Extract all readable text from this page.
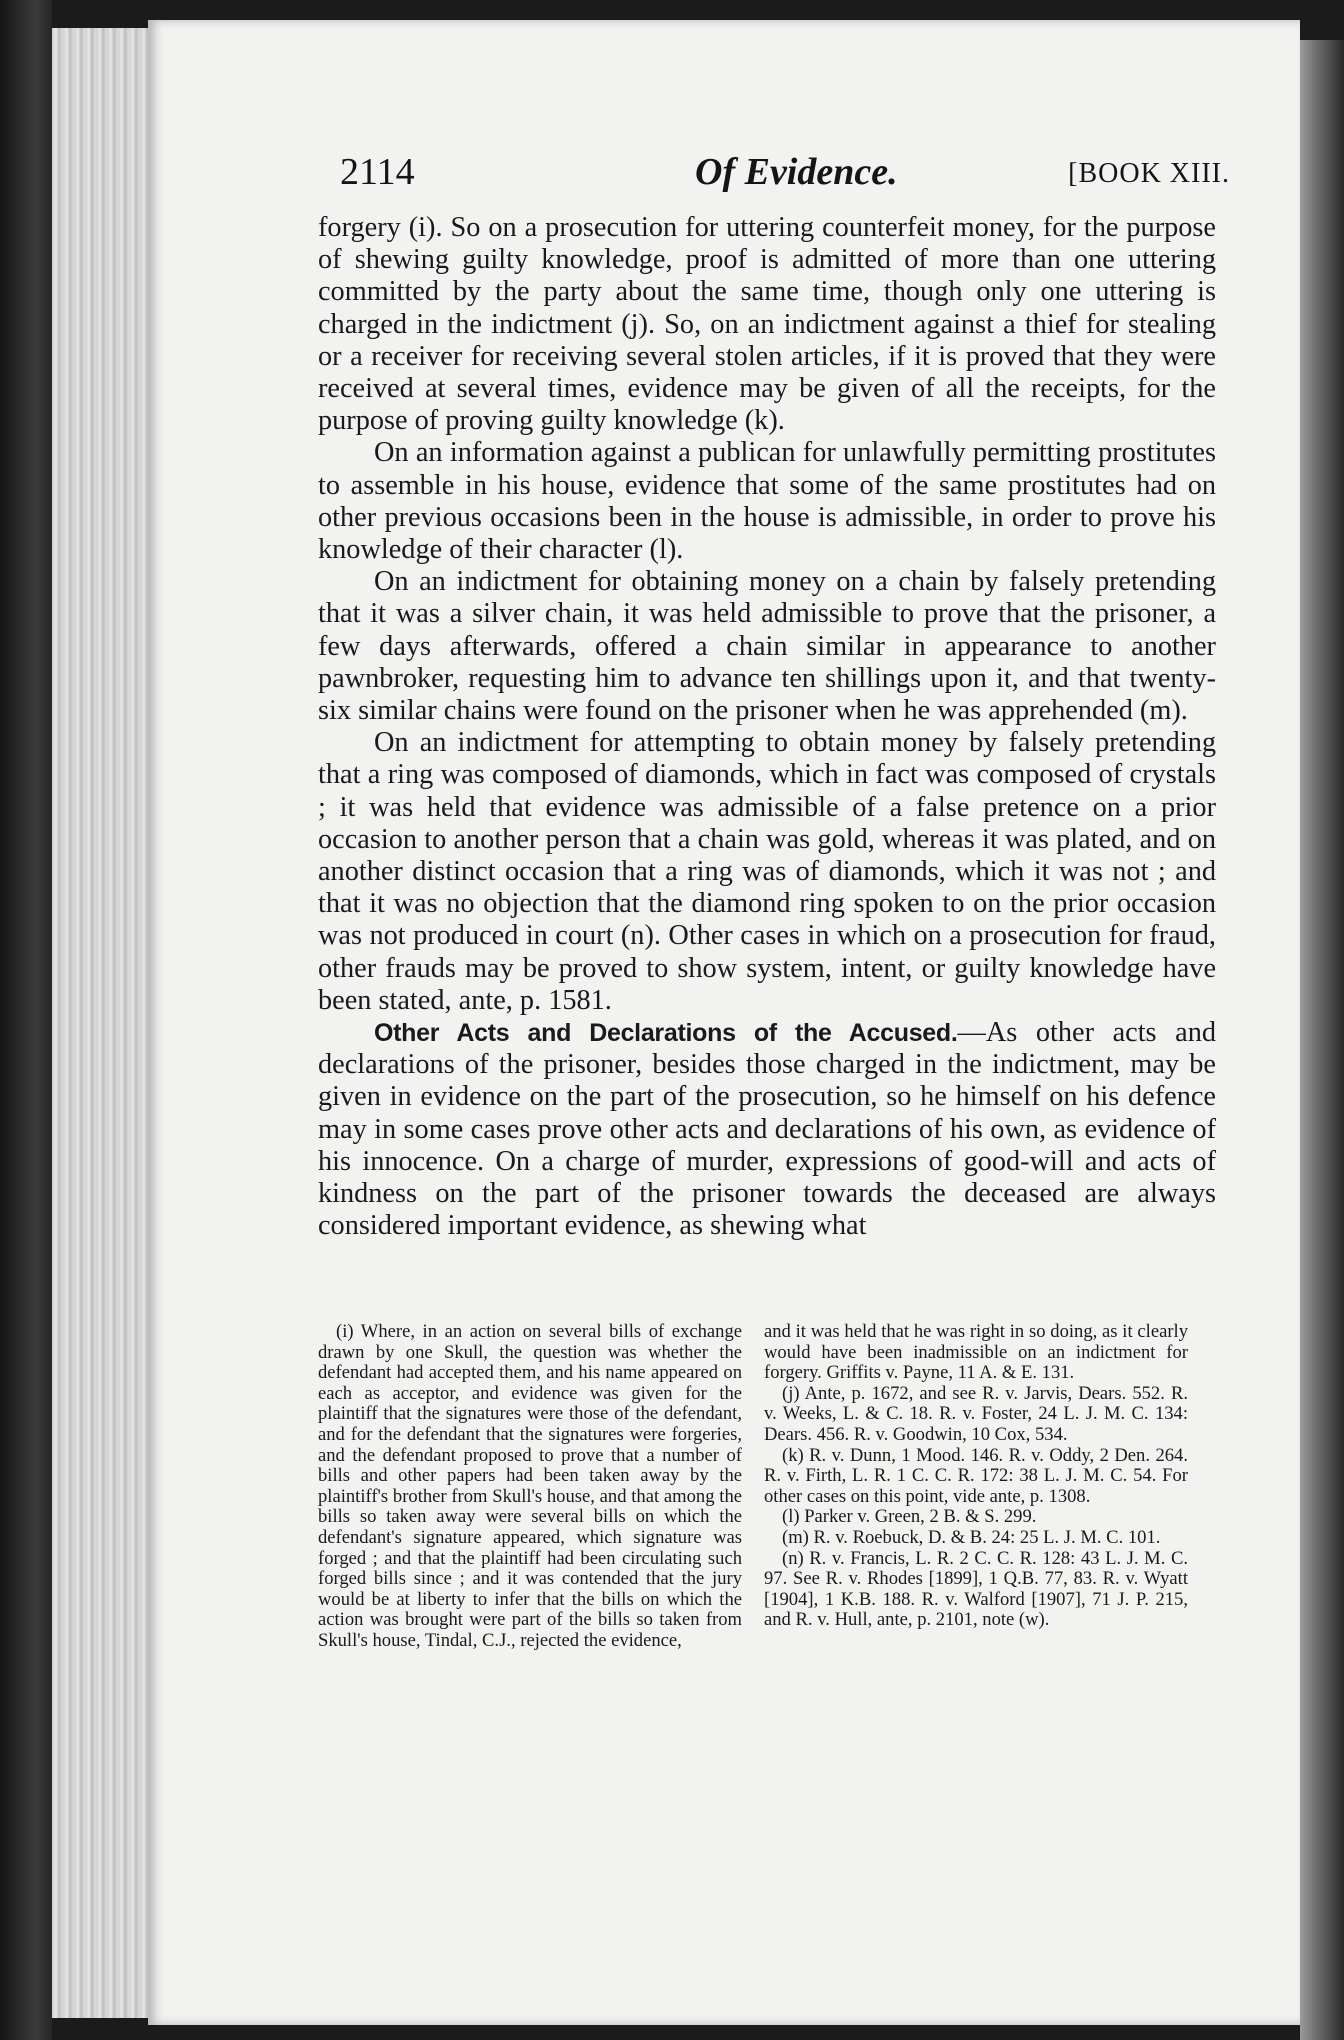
2114	Of Evidence.	[BOOK XIII.

forgery (i). So on a prosecution for uttering counterfeit money, for the purpose of shewing guilty knowledge, proof is admitted of more than one uttering committed by the party about the same time, though only one uttering is charged in the indictment (j). So, on an indictment against a thief for stealing or a receiver for receiving several stolen articles, if it is proved that they were received at several times, evidence may be given of all the receipts, for the purpose of proving guilty knowledge (k).

On an information against a publican for unlawfully permitting prostitutes to assemble in his house, evidence that some of the same prostitutes had on other previous occasions been in the house is admissible, in order to prove his knowledge of their character (l).

On an indictment for obtaining money on a chain by falsely pretending that it was a silver chain, it was held admissible to prove that the prisoner, a few days afterwards, offered a chain similar in appearance to another pawnbroker, requesting him to advance ten shillings upon it, and that twenty-six similar chains were found on the prisoner when he was apprehended (m).

On an indictment for attempting to obtain money by falsely pretending that a ring was composed of diamonds, which in fact was composed of crystals ; it was held that evidence was admissible of a false pretence on a prior occasion to another person that a chain was gold, whereas it was plated, and on another distinct occasion that a ring was of diamonds, which it was not ; and that it was no objection that the diamond ring spoken to on the prior occasion was not produced in court (n). Other cases in which on a prosecution for fraud, other frauds may be proved to show system, intent, or guilty knowledge have been stated, ante, p. 1581.

Other Acts and Declarations of the Accused.—As other acts and declarations of the prisoner, besides those charged in the indictment, may be given in evidence on the part of the prosecution, so he himself on his defence may in some cases prove other acts and declarations of his own, as evidence of his innocence. On a charge of murder, expressions of good-will and acts of kindness on the part of the prisoner towards the deceased are always considered important evidence, as shewing what

(i) Where, in an action on several bills of exchange drawn by one Skull, the question was whether the defendant had accepted them, and his name appeared on each as acceptor, and evidence was given for the plaintiff that the signatures were those of the defendant, and for the defendant that the signatures were forgeries, and the defendant proposed to prove that a number of bills and other papers had been taken away by the plaintiff's brother from Skull's house, and that among the bills so taken away were several bills on which the defendant's signature appeared, which signature was forged ; and that the plaintiff had been circulating such forged bills since ; and it was contended that the jury would be at liberty to infer that the bills on which the action was brought were part of the bills so taken from Skull's house, Tindal, C.J., rejected the evidence,

and it was held that he was right in so doing, as it clearly would have been inadmissible on an indictment for forgery. Griffits v. Payne, 11 A. & E. 131.

(j) Ante, p. 1672, and see R. v. Jarvis, Dears. 552. R. v. Weeks, L. & C. 18. R. v. Foster, 24 L. J. M. C. 134: Dears. 456. R. v. Goodwin, 10 Cox, 534.

(k) R. v. Dunn, 1 Mood. 146. R. v. Oddy, 2 Den. 264. R. v. Firth, L. R. 1 C. C. R. 172: 38 L. J. M. C. 54. For other cases on this point, vide ante, p. 1308.

(l) Parker v. Green, 2 B. & S. 299.

(m) R. v. Roebuck, D. & B. 24: 25 L. J. M. C. 101.

(n) R. v. Francis, L. R. 2 C. C. R. 128: 43 L. J. M. C. 97. See R. v. Rhodes [1899], 1 Q.B. 77, 83. R. v. Wyatt [1904], 1 K.B. 188. R. v. Walford [1907], 71 J. P. 215, and R. v. Hull, ante, p. 2101, note (w).
